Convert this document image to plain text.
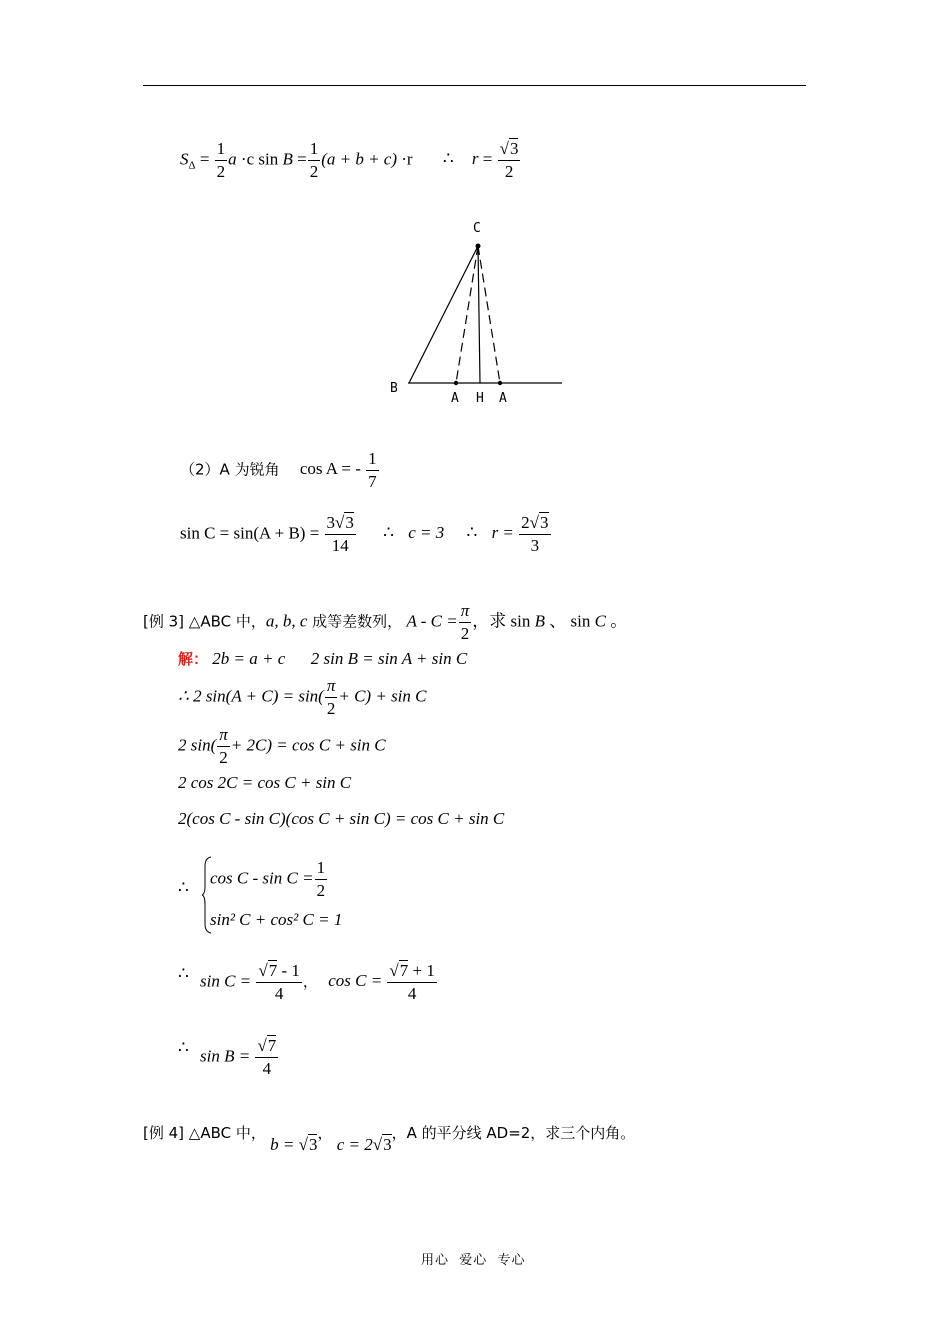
$S_\Delta = \frac{1}{2}$ a ·c $\sin B = \frac{1}{2} (a + b + c) \cdot r$ ∴ $r = \frac{√3}{2}$
C
B
A H A
（2）A 为锐角 cos A = - $\frac{1}{7}$
$\sin C = \sin(A + B) = \frac{3√3}{14}$ ∴ c = 3 ∴ $r = \frac{2√3}{3}$
[例 3] △ABC 中，a, b, c 成等差数列， $A - C = \frac{\pi}{2}$ ，求 sin B 、 sin C 。
解： 2b = a + c      2 sin B = sin A + sin C
∴ 2 $\sin(A + C) = \sin( \frac{\pi}{2} + C) + \sin C$
2 $\sin( \frac{\pi}{2} + 2C) = \cos C + \sin C$
2 cos 2C = cos C + sin C
2(cos C - sin C)(cos C + sin C) = cos C + sin C
∴
$\cos C - \sin C = \frac{1}{2}$
sin² C + cos² C = 1
∴ $\sin C = \frac{√7 - 1}{4}$ ， $\cos C = \frac{√7 + 1}{4}$
∴ $\sin B = \frac{√7}{4}$
[例 4] △ABC 中， b = √3， c = 2√3，A 的平分线 AD=2，求三个内角。
用心  爱心  专心
